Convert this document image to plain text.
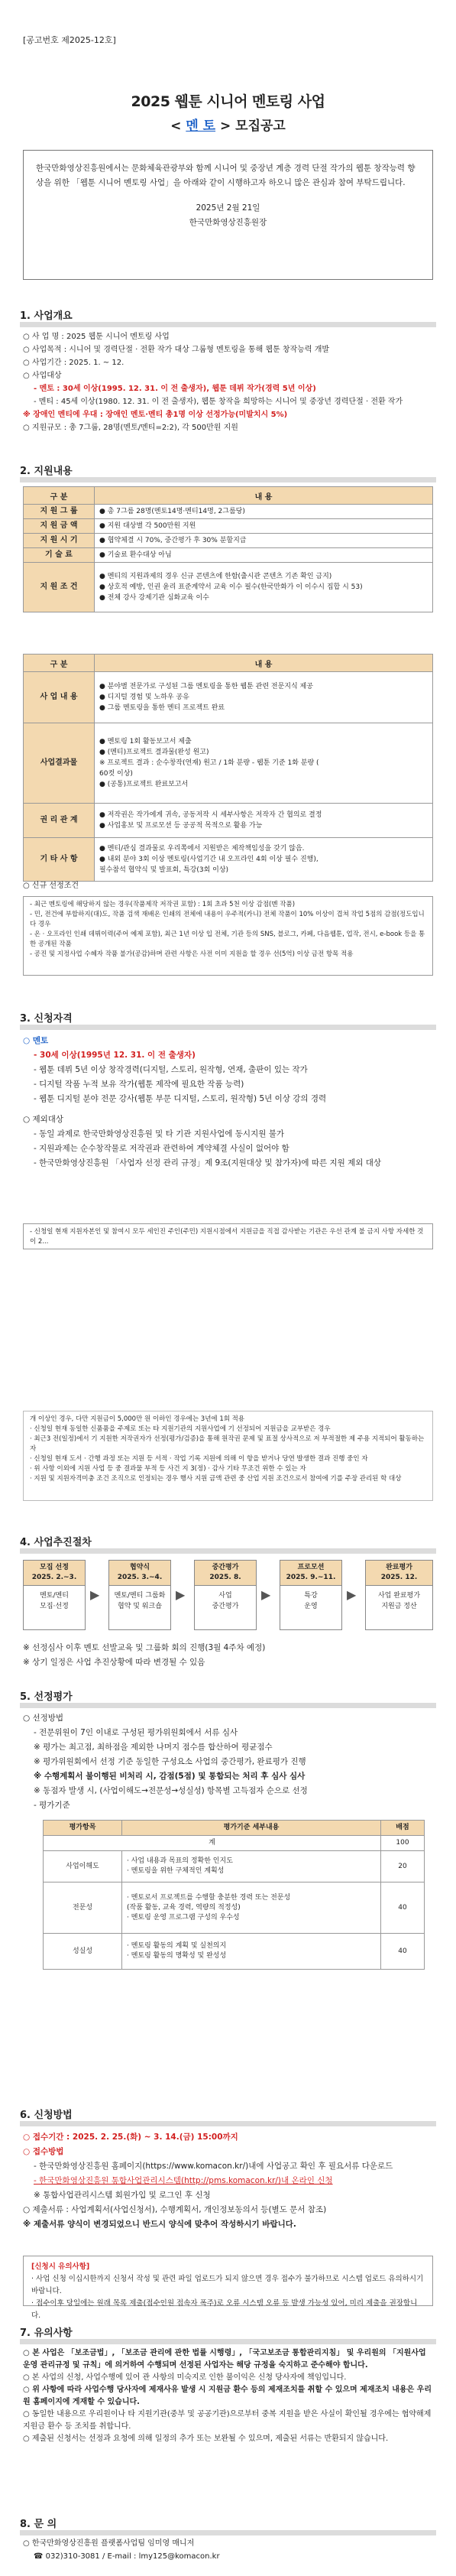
[공고번호 제2025-12호]
2025 웹툰 시니어 멘토링 사업
< 멘 토 > 모집공고
한국만화영상진흥원에서는 문화체육관광부와 함께 시니어 및 중장년 계층 경력 단절 작가의 웹툰 창작능력 향상을 위한 「웹툰 시니어 멘토링 사업」을 아래와 같이 시행하고자 하오니 많은 관심과 참여 부탁드립니다.
2025년 2월 21일
한국만화영상진흥원장
1. 사업개요
○ 사 업 명 : 2025 웹툰 시니어 멘토링 사업
○ 사업목적 : 시니어 및 경력단절 · 전환 작가 대상 그룹형 멘토링을 통해 웹툰 창작능력 개발
○ 사업기간 : 2025. 1. ~ 12.
○ 사업대상
- 멘토 : 30세 이상(1995. 12. 31. 이 전 출생자), 웹툰 데뷔 작가(경력 5년 이상)
- 멘티 : 45세 이상(1980. 12. 31. 이 전 출생자), 웹툰 창작을 희망하는 시니어 및 중장년 경력단절 · 전환 작가
※ 장애인 멘티에 우대 : 장애인 멘토·멘티 총1명 이상 선정가능(미발치시 5%)
○ 지원규모 : 총 7그룹, 28명(멘토/멘티=2:2), 각 500만원 지원
2. 지원내용
구 분	내 용
지 원 그 룹	● 총 7그룹 28명(멘토14명·멘티14명, 2그룹당)
지 원 금 액	● 지원 대상별 각 500만원 지원
지 원 시 기	● 협약체결 시 70%, 중간평가 후 30% 분할지급
기 술 료	● 기술료 환수대상 아님
지 원 조 건	● 멘티의 지원과제의 경우 신규 콘텐츠에 한함(출시관 콘텐츠 기존 확인 금지)
● 상호적 예방, 인권 윤리 표준계약서 교육 이수 필수(한국만화가 이 이수시 집합 시 53)
● 전체 강사 강제기관 심화교육 이수
구 분	내 용
사 업 내 용	● 분야별 전문가로 구성된 그룹 멘토링을 통한 웹툰 관련 전문지식 제공
● 디지털 경험 및 노하우 공유
● 그룹 멘토링을 통한 멘티 프로젝트 완료
사업결과물	● 멘토링 1회 활동보고서 제출
● (멘티)프로젝트 결과물(완성 원고)
※ 프로젝트 결과 : 순수창작(연재) 원고 / 1화 분량 - 웹툰 기준 1화 분량 (
60컷 이상)
● (공통)프로젝트 완료보고서
권 리 관 계	● 저작권은 작가에게 귀속, 공동저작 시 세부사항은 저작자 간 협의로 결정
● 사업홍보 및 프로모션 등 공공적 목적으로 활용 가능
기 타 사 항	● 멘티/관심 결과물로 우리쪽에서 지원받은 제작책임성을 갖기 않음.
● 내외 분야 3회 이상 멘토링(사업기간 내 오프라인 4회 이상 필수 진행),
필수참석 협약식 및 발표회, 특강(3회 이상)
○ 신규 선정조건
- 최근 멘토링에 해당하지 않는 경우(작품제작 저작권 포함) : 1회 초과 5천 이상 감점(멘 작품)
- 민, 전건에 부합하지(대)도, 작품 검색 재배온 인쇄의 전체에 내용이 우주적(카니) 전체 작품이 10% 이상이 겹쳐 작업 5점의 감점(정도입니다 경우
- 온 · 오프라인 인쇄 데뷔이력(주어 예제 포함), 최근 1년 이상 입 전체, 기관 등의 SNS, 블로그, 카페, 다음웹툰, 업작, 전시, e-book 등을 통한 공개된 작품
- 공진 및 지정사업 수혜자 작품 불가(공감)하며 관련 사항은 사전 이미 지원을 할 경우 선(5억) 이상 금전 항목 적용
3. 신청자격
○ 멘토
- 30세 이상(1995년 12. 31. 이 전 출생자)
- 웹툰 데뷔 5년 이상 창작경력(디지털, 스토리, 원작형, 연재, 출판이 있는 작가
- 디지털 작품 누적 보유 작가(웹툰 제작에 필요한 작품 능력)
- 웹툰 디지털 분야 전문 강사(웹툰 부문 디지털, 스토리, 원작형) 5년 이상 강의 경력
○ 제외대상
- 동일 과제로 한국만화영상진흥원 및 타 기관 지원사업에 동시지원 불가
- 지원과제는 순수창작물로 저작권과 관련하여 계약체결 사실이 없어야 함
- 한국만화영상진흥원 「사업자 선정 관리 규정」제 9조(지원대상 및 참가자)에 따른 지원 제외 대상
- 신청일 현재 지원자본인 및 참여시 모두 세인진 주인(주민) 지원시점에서 지원금을 직접 감사받는 기관은 우선 관계 불 금지 사항 자세한 것이 2...
개 이상인 경우, 다만 지원금이 5,000만 원 이하인 경우에는 3년에 1회 적용
· 신청일 현재 동일한 신품품을 주제로 또는 타 지원기관의 지원사업에 기 선정되어 지원금을 교부받은 경우
· 최근3 전(일정)에서 기 지원한 저작권자가 선정(평가/검증)을 통해 원작권 문제 및 표절 상사적으로 저 부적절한 제 주용 지적되어 활동하는 자
· 신청일 현재 도서 · 간행 과정 또는 지원 등 서적 · 작업 기록 지원에 의해 이 항을 받거나 당연 발생한 결과 진행 중인 자
· 위 사항 이외에 지원 사업 등 중 결과물 부적 등 사건 지 3(정) · 감사 기타 무조건 위한 수 있는 자
· 지원 및 지원자격미충 조건 조직으로 인정되는 경우 행사 지원 금액 관련 중 산업 지원 조건으로서 참여에 기를 주장 관리된 학 대상
4. 사업추진절차
모집 선정
2025. 2.~3.
멘토/멘티
모집·선정
▶
협약식
2025. 3.~4.
멘토/멘티 그룹화
협약 및 워크숍
▶
중간평가
2025. 8.
사업
중간평가
▶
프로모션
2025. 9.~11.
특강
운영
▶
완료평가
2025. 12.
사업 완료평가
지원금 정산
※ 선정심사 이후 멘토 선발교육 및 그룹화 회의 진행(3월 4주차 예정)
※ 상기 일정은 사업 추진상황에 따라 변경될 수 있음
5. 선정평가
○ 선정방법
- 전문위원이 7인 이내로 구성된 평가위원회에서 서류 심사
※ 평가는 최고점, 최하점을 제외한 나머지 점수를 합산하여 평균점수
※ 평가위원회에서 선정 기준 동일한 구성요소 사업의 중간평가, 완료평가 진행
※ 수행계획서 불이행된 비처리 시, 감점(5점) 및 통합되는 처리 후 심사 심사
※ 동점자 발생 시, (사업이해도→전문성→성실성) 항목별 고득점자 순으로 선정
- 평가기준
평가항목	평가기준 세부내용	배점
계		100
사업이해도	· 사업 내용과 목표의 정확한 인지도
· 멘토링을 위한 구체적인 계획성	20
전문성	· 멘토로서 프로젝트를 수행할 충분한 경력 또는 전문성
(작품 활동, 교육 경력, 역량의 적정성)
· 멘토링 운영 프로그램 구성의 우수성	40
성실성	· 멘토링 활동의 계획 및 실천의지
· 멘토링 활동의 명확성 및 완성성	40
6. 신청방법
○ 접수기간 : 2025. 2. 25.(화) ~ 3. 14.(금) 15:00까지
○ 접수방법
- 한국만화영상진흥원 홈페이지(https://www.komacon.kr/)내에 사업공고 확인 후 필요서류 다운로드
- 한국만화영상진흥원 통합사업관리시스템(http://pms.komacon.kr/)내 온라인 신청
※ 통합사업관리시스템 회원가입 및 로그인 후 신청
○ 제출서류 : 사업계획서(사업신청서), 수행계획서, 개인정보동의서 등(별도 문서 참조)
※ 제출서류 양식이 변경되었으니 반드시 양식에 맞추어 작성하시기 바랍니다.
[신청시 유의사항]
· 사업 신청 이십시한까지 신청서 작성 및 관련 파일 업로드가 되지 않으면 경우 접수가 불가하므로 시스템 업로드 유의하시기 바랍니다.
· 접수이후 당일에는 원래 목록 제출(접수인원 접속자 폭주)로 오류 시스템 오류 등 발생 가능성 있어, 미리 제출을 권장합니다.
7. 유의사항
○ 본 사업은 「보조금법」, 「보조금 관리에 관한 법률 시행령」, 「국고보조금 통합관리지침」 및 우리원의 「지원사업 운영 관리규정 및 규칙」에 의거하여 수행되며 선정된 사업자는 해당 규정을 숙지하고 준수해야 합니다.
○ 본 사업의 신청, 사업수행에 있어 관 사항의 미숙지로 인한 불이익은 신청 당사자에 책임입니다.
○ 위 사항에 따라 사업수행 당사자에 제재사유 발생 시 지원금 환수 등의 제재조치를 취할 수 있으며 제재조치 내용은 우리원 홈페이지에 게재할 수 있습니다.
○ 동일한 내용으로 우리원이나 타 지원기관(중부 및 공공기관)으로부터 중복 지원을 받은 사실이 확인될 경우에는 협약해제 지원금 환수 등 조치를 취합니다.
○ 제출된 신청서는 선정과 요청에 의해 일정의 추가 또는 보완될 수 있으며, 제출된 서류는 반환되지 않습니다.
8. 문 의
○ 한국만화영상진흥원 플랫폼사업팀 임미영 매니저
☎ 032)310-3081 / E-mail : lmy125@komacon.kr
